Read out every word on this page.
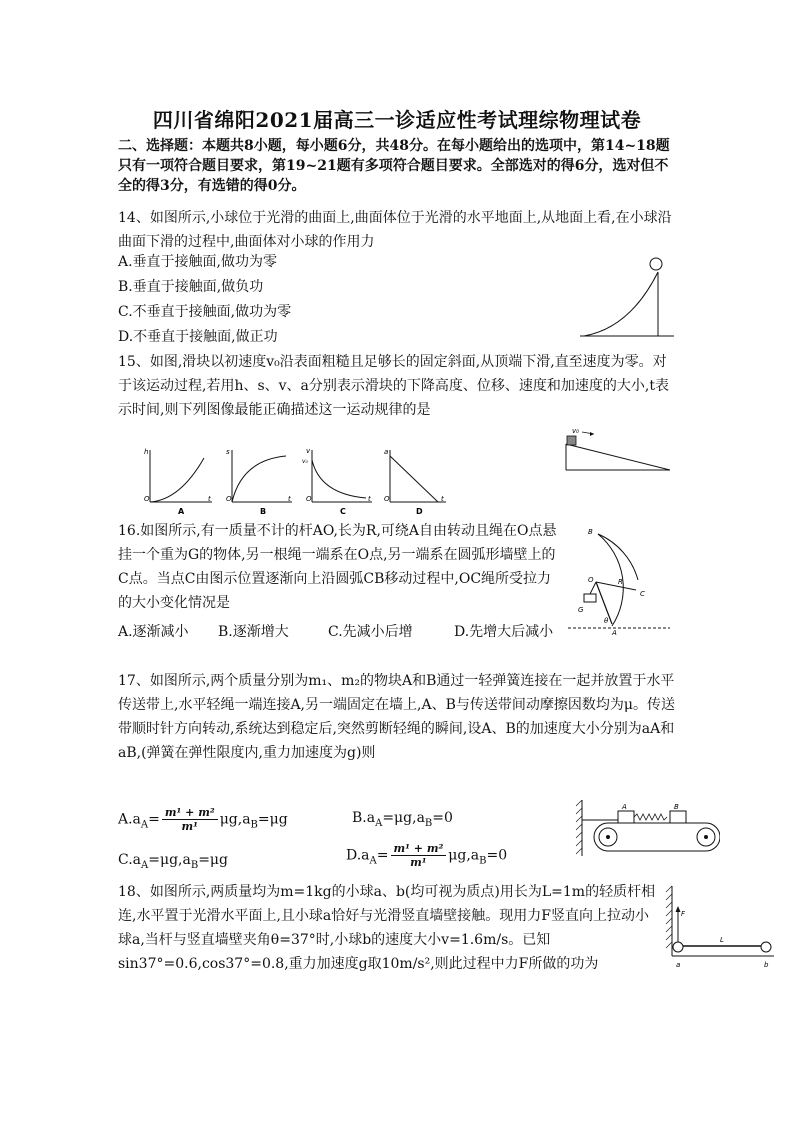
四川省绵阳2021届高三一诊适应性考试理综物理试卷
二、选择题：本题共8小题，每小题6分，共48分。在每小题给出的选项中，第14~18题只有一项符合题目要求，第19~21题有多项符合题目要求。全部选对的得6分，选对但不全的得3分，有选错的得0分。
14、如图所示,小球位于光滑的曲面上,曲面体位于光滑的水平地面上,从地面上看,在小球沿曲面下滑的过程中,曲面体对小球的作用力
A.垂直于接触面,做功为零
B.垂直于接触面,做负功
C.不垂直于接触面,做功为零
D.不垂直于接触面,做正功
15、如图,滑块以初速度v₀沿表面粗糙且足够长的固定斜面,从顶端下滑,直至速度为零。对于该运动过程,若用h、s、v、a分别表示滑块的下降高度、位移、速度和加速度的大小,t表示时间,则下列图像最能正确描述这一运动规律的是
v₀
h
O	t
A
s
O	t
B
v
v₀
O	t
C
a
O	t
D
16.如图所示,有一质量不计的杆AO,长为R,可绕A自由转动且绳在O点悬挂一个重为G的物体,另一根绳一端系在O点,另一端系在圆弧形墙壁上的C点。当点C由图示位置逐渐向上沿圆弧CB移动过程中,OC绳所受拉力的大小变化情况是
A.逐渐减小 B.逐渐增大	C.先减小后增	D.先增大后减小
B
O	R
C
G
θ
A
17、如图所示,两个质量分别为m₁、m₂的物块A和B通过一轻弹簧连接在一起并放置于水平传送带上,水平轻绳一端连接A,另一端固定在墙上,A、B与传送带间动摩擦因数均为μ。传送带顺时针方向转动,系统达到稳定后,突然剪断轻绳的瞬间,设A、B的加速度大小分别为aA和aB,(弹簧在弹性限度内,重力加速度为g)则
$A.a_A= \frac{\text{m¹ + m²}}{\text{m¹}} \mu g,a_B=\mu g$	$B.a_A=\mu g,a_B=0$
$C.a_A=\mu g,a_B=\mu g$	$D.a_A= \frac{\text{m¹ + m²}}{\text{m¹}} \mu g,a_B=0$
A	B
18、如图所示,两质量均为m=1kg的小球a、b(均可视为质点)用长为L=1m的轻质杆相连,水平置于光滑水平面上,且小球a恰好与光滑竖直墙壁接触。现用力F竖直向上拉动小球a,当杆与竖直墙壁夹角θ=37°时,小球b的速度大小v=1.6m/s。已知sin37°=0.6,cos37°=0.8,重力加速度g取10m/s²,则此过程中力F所做的功为
F
L
a	b
